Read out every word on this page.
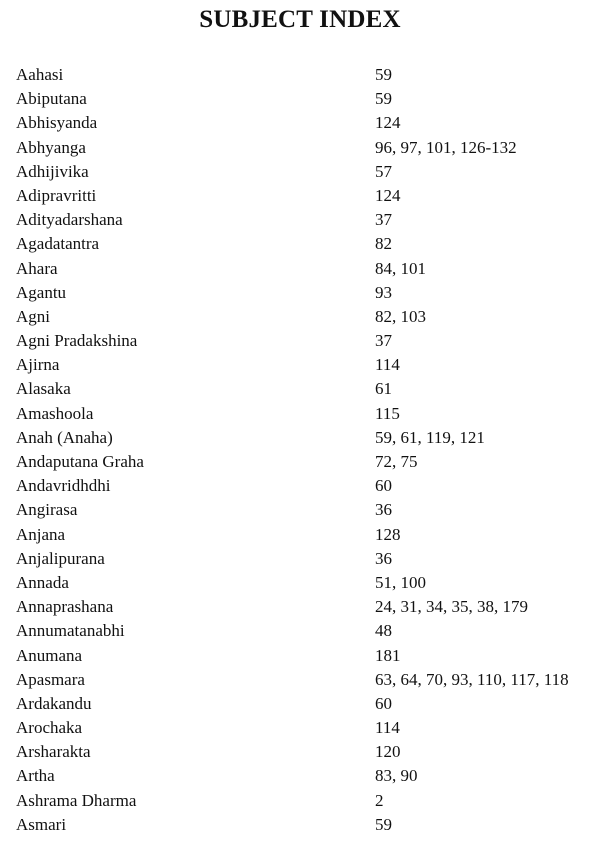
SUBJECT INDEX
Aahasi	59
Abiputana	59
Abhisyanda	124
Abhyanga	96, 97, 101, 126-132
Adhijivika	57
Adipravritti	124
Adityadarshana	37
Agadatantra	82
Ahara	84, 101
Agantu	93
Agni	82, 103
Agni Pradakshina	37
Ajirna	114
Alasaka	61
Amashoola	115
Anah (Anaha)	59, 61, 119, 121
Andaputana Graha	72, 75
Andavridhdhi	60
Angirasa	36
Anjana	128
Anjalipurana	36
Annada	51, 100
Annaprashana	24, 31, 34, 35, 38, 179
Annumatanabhi	48
Anumana	181
Apasmara	63, 64, 70, 93, 110, 117, 118
Ardakandu	60
Arochaka	114
Arsharakta	120
Artha	83, 90
Ashrama Dharma	2
Asmari	59
